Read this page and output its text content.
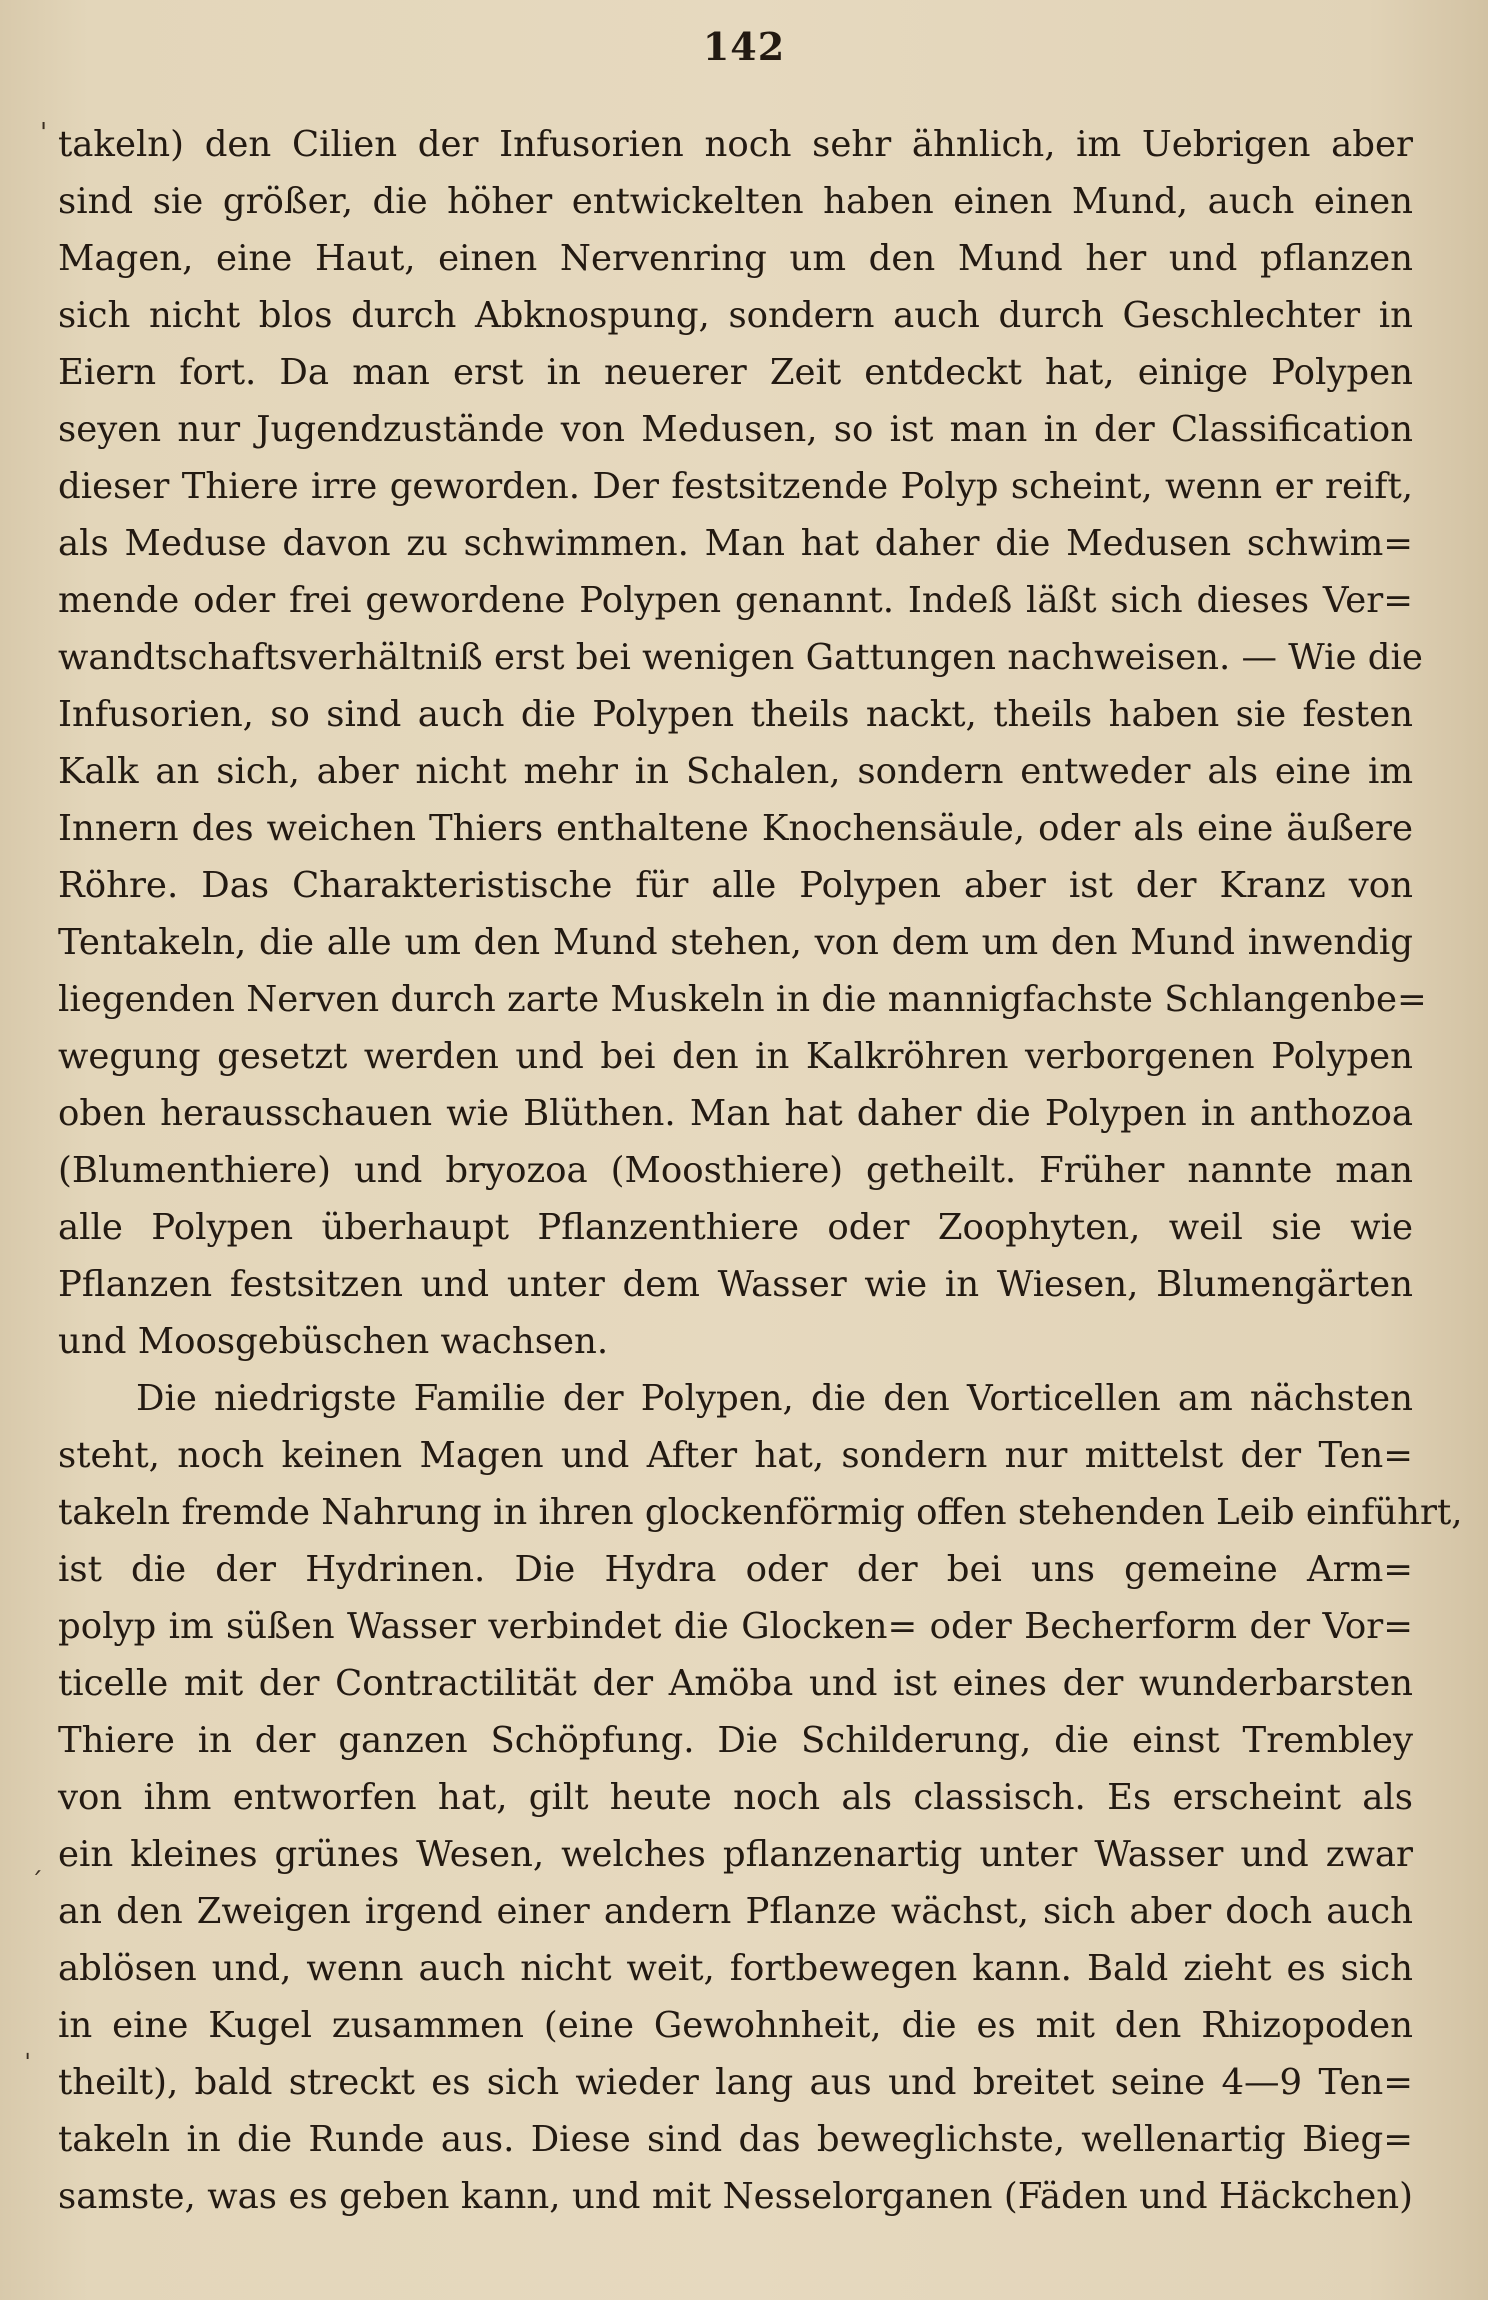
142
'
´
ˈ
takeln) den Cilien der Infusorien noch sehr ähnlich, im Uebrigen aber
sind sie größer, die höher entwickelten haben einen Mund, auch einen
Magen, eine Haut, einen Nervenring um den Mund her und pflanzen
sich nicht blos durch Abknospung, sondern auch durch Geschlechter in
Eiern fort. Da man erst in neuerer Zeit entdeckt hat, einige Polypen
seyen nur Jugendzustände von Medusen, so ist man in der Classification
dieser Thiere irre geworden. Der festsitzende Polyp scheint, wenn er reift,
als Meduse davon zu schwimmen. Man hat daher die Medusen schwim=
mende oder frei gewordene Polypen genannt. Indeß läßt sich dieses Ver=
wandtschaftsverhältniß erst bei wenigen Gattungen nachweisen. — Wie die
Infusorien, so sind auch die Polypen theils nackt, theils haben sie festen
Kalk an sich, aber nicht mehr in Schalen, sondern entweder als eine im
Innern des weichen Thiers enthaltene Knochensäule, oder als eine äußere
Röhre. Das Charakteristische für alle Polypen aber ist der Kranz von
Tentakeln, die alle um den Mund stehen, von dem um den Mund inwendig
liegenden Nerven durch zarte Muskeln in die mannigfachste Schlangenbe=
wegung gesetzt werden und bei den in Kalkröhren verborgenen Polypen
oben herausschauen wie Blüthen. Man hat daher die Polypen in anthozoa
(Blumenthiere) und bryozoa (Moosthiere) getheilt. Früher nannte man
alle Polypen überhaupt Pflanzenthiere oder Zoophyten, weil sie wie
Pflanzen festsitzen und unter dem Wasser wie in Wiesen, Blumengärten
und Moosgebüschen wachsen.
Die niedrigste Familie der Polypen, die den Vorticellen am nächsten
steht, noch keinen Magen und After hat, sondern nur mittelst der Ten=
takeln fremde Nahrung in ihren glockenförmig offen stehenden Leib einführt,
ist die der Hydrinen. Die Hydra oder der bei uns gemeine Arm=
polyp im süßen Wasser verbindet die Glocken= oder Becherform der Vor=
ticelle mit der Contractilität der Amöba und ist eines der wunderbarsten
Thiere in der ganzen Schöpfung. Die Schilderung, die einst Trembley
von ihm entworfen hat, gilt heute noch als classisch. Es erscheint als
ein kleines grünes Wesen, welches pflanzenartig unter Wasser und zwar
an den Zweigen irgend einer andern Pflanze wächst, sich aber doch auch
ablösen und, wenn auch nicht weit, fortbewegen kann. Bald zieht es sich
in eine Kugel zusammen (eine Gewohnheit, die es mit den Rhizopoden
theilt), bald streckt es sich wieder lang aus und breitet seine 4—9 Ten=
takeln in die Runde aus. Diese sind das beweglichste, wellenartig Bieg=
samste, was es geben kann, und mit Nesselorganen (Fäden und Häckchen)
